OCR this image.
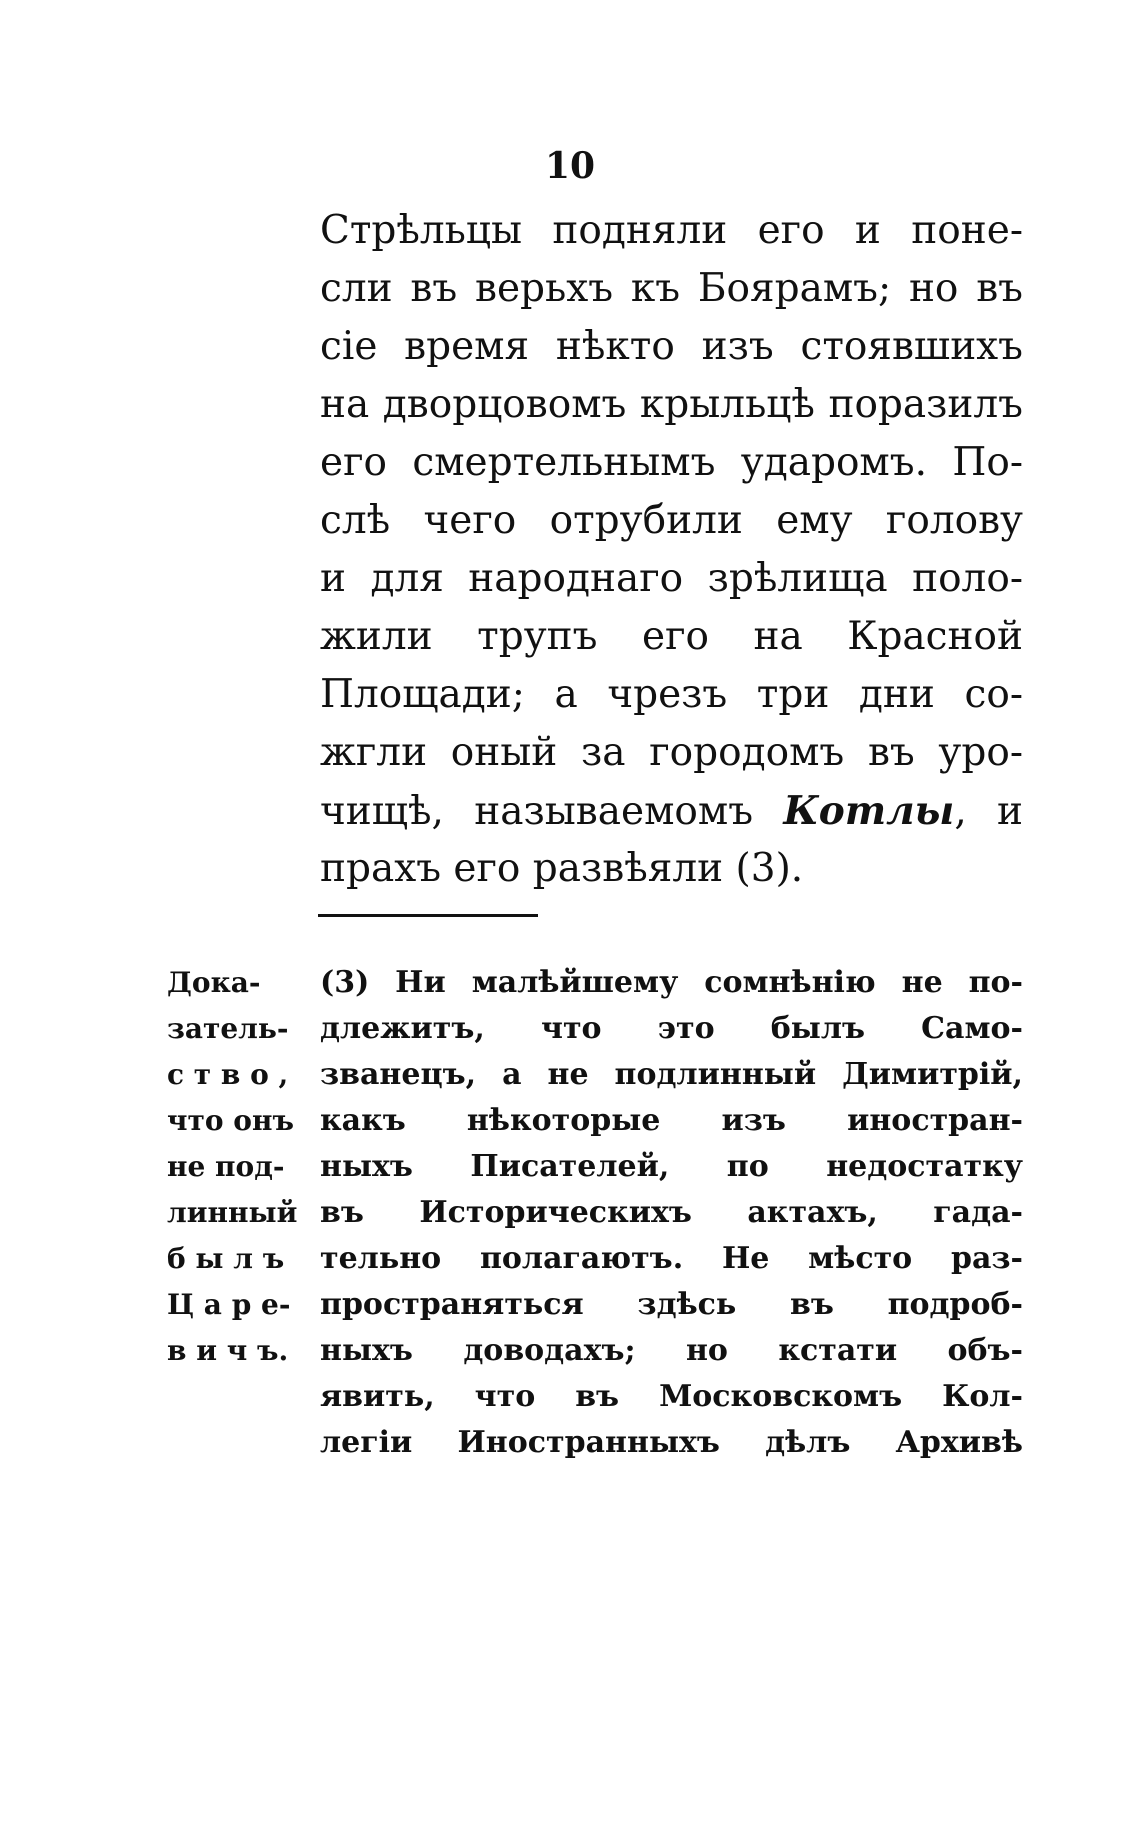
10
Стрѣльцы подняли его и поне-
сли въ верьхъ къ Боярамъ; но въ
сіе время нѣкто изъ стоявшихъ
на дворцовомъ крыльцѣ поразилъ
его смертельнымъ ударомъ. По-
слѣ чего отрубили ему голову
и для народнаго зрѣлища поло-
жили трупъ его на Красной
Площади; а чрезъ три дни со-
жгли оный за городомъ въ уро-
чищѣ, называемомъ Котлы, и
прахъ его развѣяли (3).
Дока-
затель-
с т в о ,
что онъ
не под-
линный
б ы л ъ
Ц а р е-
в и ч ъ.
(3) Ни малѣйшему сомнѣнію не по-
длежитъ, что это былъ Само-
званецъ, а не подлинный Димитрій,
какъ нѣкоторые изъ иностран-
ныхъ Писателей, по недостатку
въ Историческихъ актахъ, гада-
тельно полагаютъ. Не мѣсто раз-
пространяться здѣсь въ подроб-
ныхъ доводахъ; но кстати объ-
явить, что въ Московскомъ Кол-
легіи Иностранныхъ дѣлъ Архивѣ
